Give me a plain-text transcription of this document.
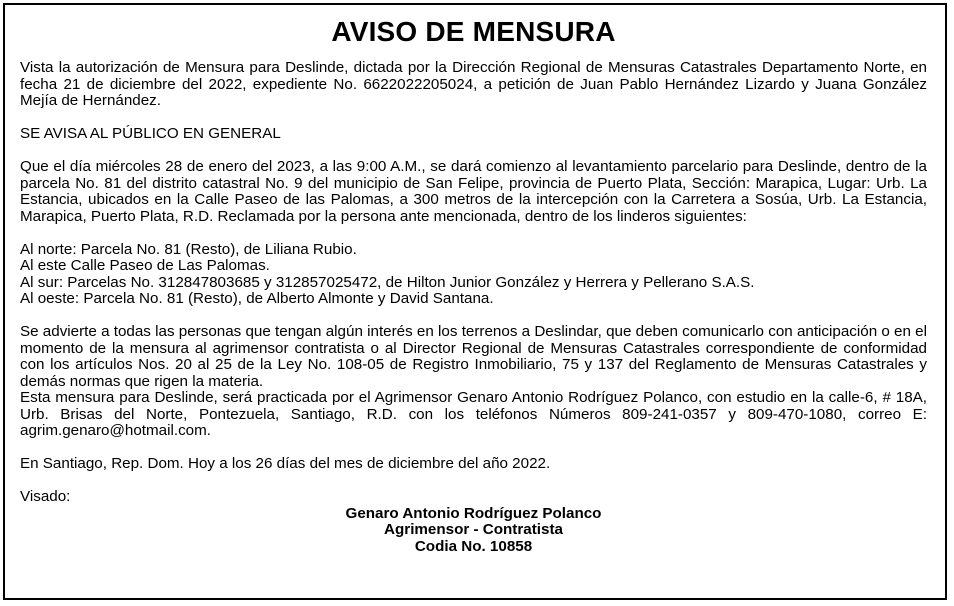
AVISO DE MENSURA

Vista la autorización de Mensura para Deslinde, dictada por la Dirección Regional de Mensuras Catastrales Departamento Norte, en fecha 21 de diciembre del 2022, expediente No. 6622022205024, a petición de Juan Pablo Hernández Lizardo y Juana González Mejía de Hernández.

SE AVISA AL PÚBLICO EN GENERAL

Que el día miércoles 28 de enero del 2023, a las 9:00 A.M., se dará comienzo al levantamiento parcelario para Deslinde, dentro de la parcela No. 81 del distrito catastral No. 9 del municipio de San Felipe, provincia de Puerto Plata, Sección: Marapica, Lugar: Urb. La Estancia, ubicados en la Calle Paseo de las Palomas, a 300 metros de la intercepción con la Carretera a Sosúa, Urb. La Estancia, Marapica, Puerto Plata, R.D. Reclamada por la persona ante mencionada, dentro de los linderos siguientes:

Al norte: Parcela No. 81 (Resto), de Liliana Rubio.
Al este Calle Paseo de Las Palomas.
Al sur: Parcelas No. 312847803685 y 312857025472, de Hilton Junior González y Herrera y Pellerano S.A.S.
Al oeste: Parcela No. 81 (Resto), de Alberto Almonte y David Santana.

Se advierte a todas las personas que tengan algún interés en los terrenos a Deslindar, que deben comunicarlo con anticipación o en el momento de la mensura al agrimensor contratista o al Director Regional de Mensuras Catastrales correspondiente de conformidad con los artículos Nos. 20 al 25 de la Ley No. 108-05 de Registro Inmobiliario, 75 y 137 del Reglamento de Mensuras Catastrales y demás normas que rigen la materia.

Esta mensura para Deslinde, será practicada por el Agrimensor Genaro Antonio Rodríguez Polanco, con estudio en la calle-6, # 18A, Urb. Brisas del Norte, Pontezuela, Santiago, R.D. con los teléfonos Números 809-241-0357 y 809-470-1080, correo E: agrim.genaro@hotmail.com.

En Santiago, Rep. Dom. Hoy a los 26 días del mes de diciembre del año 2022.

Visado:

Genaro Antonio Rodríguez Polanco
Agrimensor - Contratista
Codia No. 10858
